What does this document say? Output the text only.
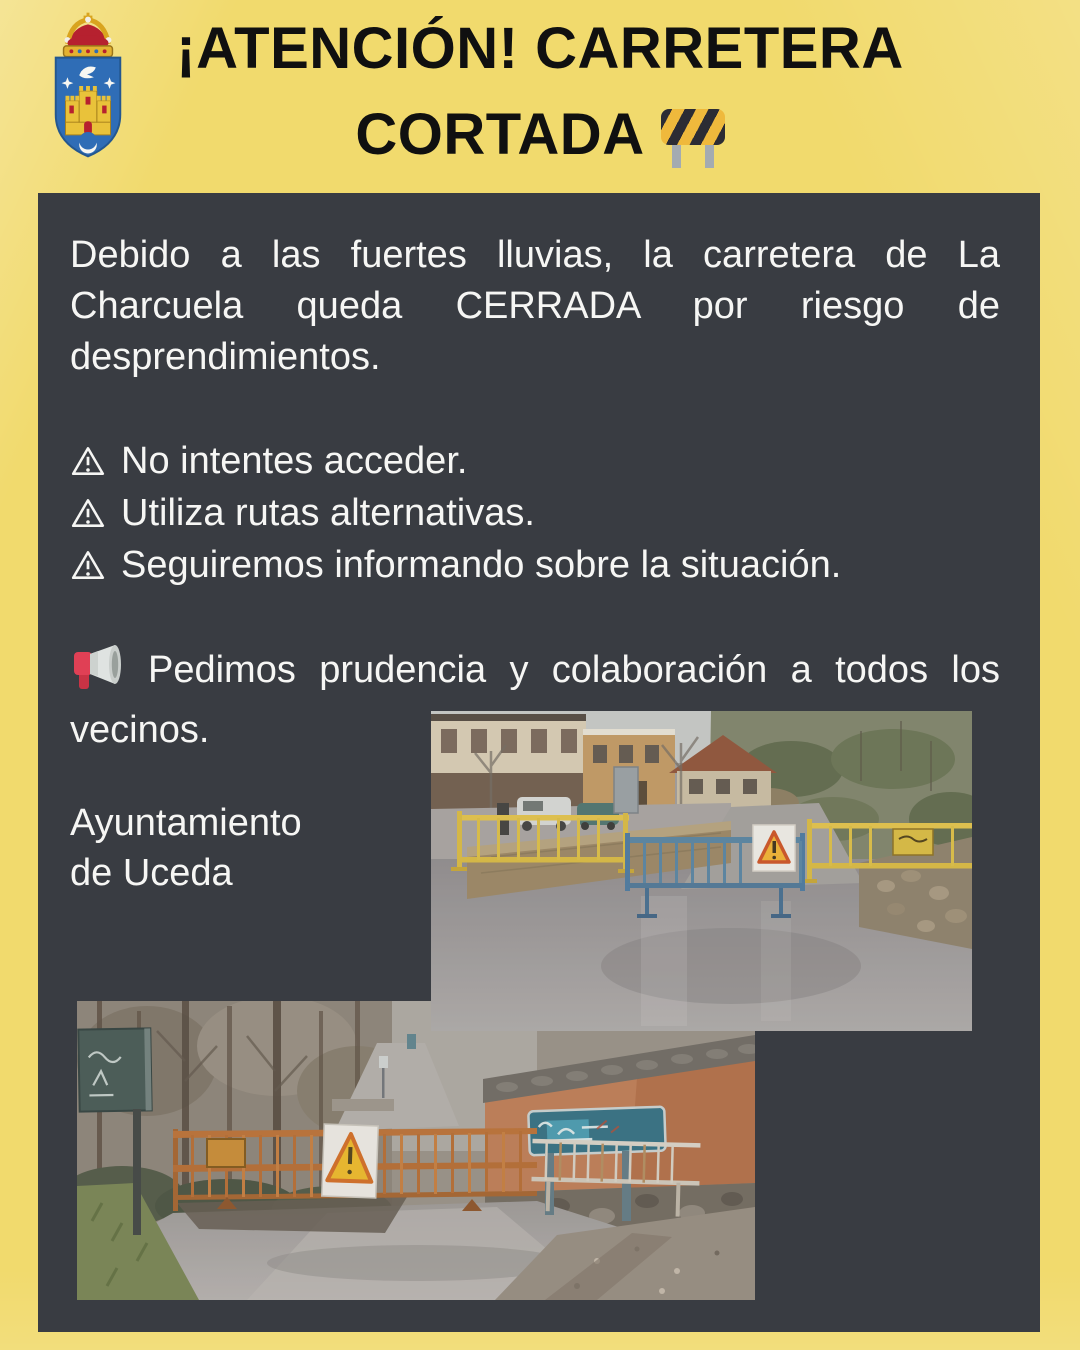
¡ATENCIÓN! CARRETERA
CORTADA

Debido a las fuertes lluvias, la carretera de La Charcuela queda CERRADA por riesgo de desprendimientos.

No intentes acceder.
Utiliza rutas alternativas.
Seguiremos informando sobre la situación.

Pedimos prudencia y colaboración a todos los vecinos.

Ayuntamiento
de Uceda
